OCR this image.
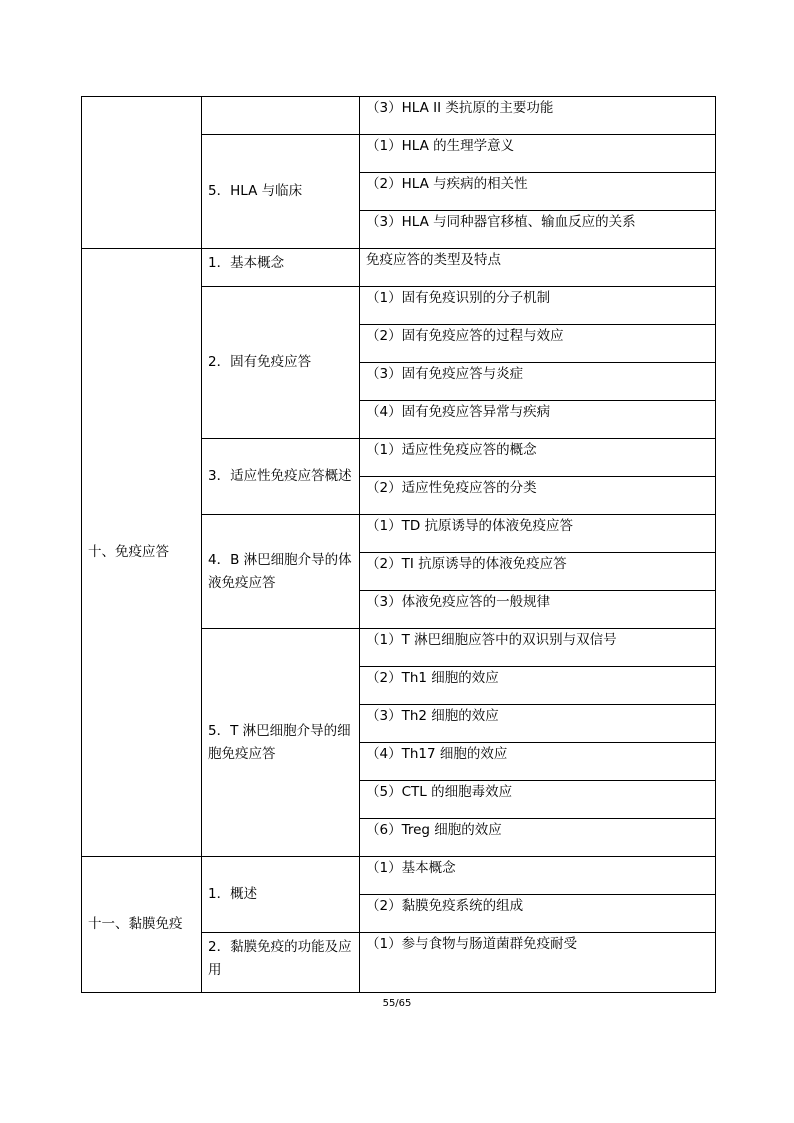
		（3）HLA II 类抗原的主要功能
	5．HLA 与临床	（1）HLA 的生理学意义
		（2）HLA 与疾病的相关性
		（3）HLA 与同种器官移植、输血反应的关系
十、免疫应答	1．基本概念	免疫应答的类型及特点
	2．固有免疫应答	（1）固有免疫识别的分子机制
		（2）固有免疫应答的过程与效应
		（3）固有免疫应答与炎症
		（4）固有免疫应答异常与疾病
	3．适应性免疫应答概述	（1）适应性免疫应答的概念
		（2）适应性免疫应答的分类
	4．B 淋巴细胞介导的体液免疫应答	（1）TD 抗原诱导的体液免疫应答
		（2）TI 抗原诱导的体液免疫应答
		（3）体液免疫应答的一般规律
	5．T 淋巴细胞介导的细胞免疫应答	（1）T 淋巴细胞应答中的双识别与双信号
		（2）Th1 细胞的效应
		（3）Th2 细胞的效应
		（4）Th17 细胞的效应
		（5）CTL 的细胞毒效应
		（6）Treg 细胞的效应
十一、黏膜免疫	1．概述	（1）基本概念
		（2）黏膜免疫系统的组成
	2．黏膜免疫的功能及应用	（1）参与食物与肠道菌群免疫耐受
55/65
